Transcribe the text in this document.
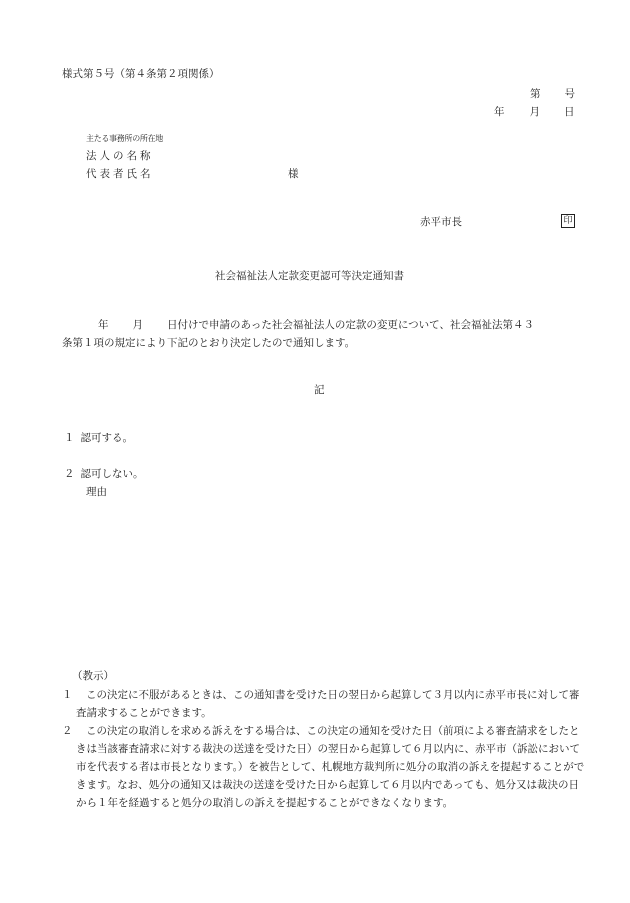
様式第５号（第４条第２項関係）
第 号
年 月 日
主たる事務所の所在地
法人の名称
代表者氏名	様
赤平市長	印
社会福祉法人定款変更認可等決定通知書
年 月 日付けで申請のあった社会福祉法人の定款の変更について、社会福祉法第４３
条第１項の規定により下記のとおり決定したので通知します。
記
１ 認可する。
２ 認可しない。
理由
（教示）
１	この決定に不服があるときは、この通知書を受けた日の翌日から起算して３月以内に赤平市長に対して審査請求することができます。
２	この決定の取消しを求める訴えをする場合は、この決定の通知を受けた日（前項による審査請求をしたときは当該審査請求に対する裁決の送達を受けた日）の翌日から起算して６月以内に、赤平市（訴訟において市を代表する者は市長となります。）を被告として、札幌地方裁判所に処分の取消の訴えを提起することができます。なお、処分の通知又は裁決の送達を受けた日から起算して６月以内であっても、処分又は裁決の日から１年を経過すると処分の取消しの訴えを提起することができなくなります。
